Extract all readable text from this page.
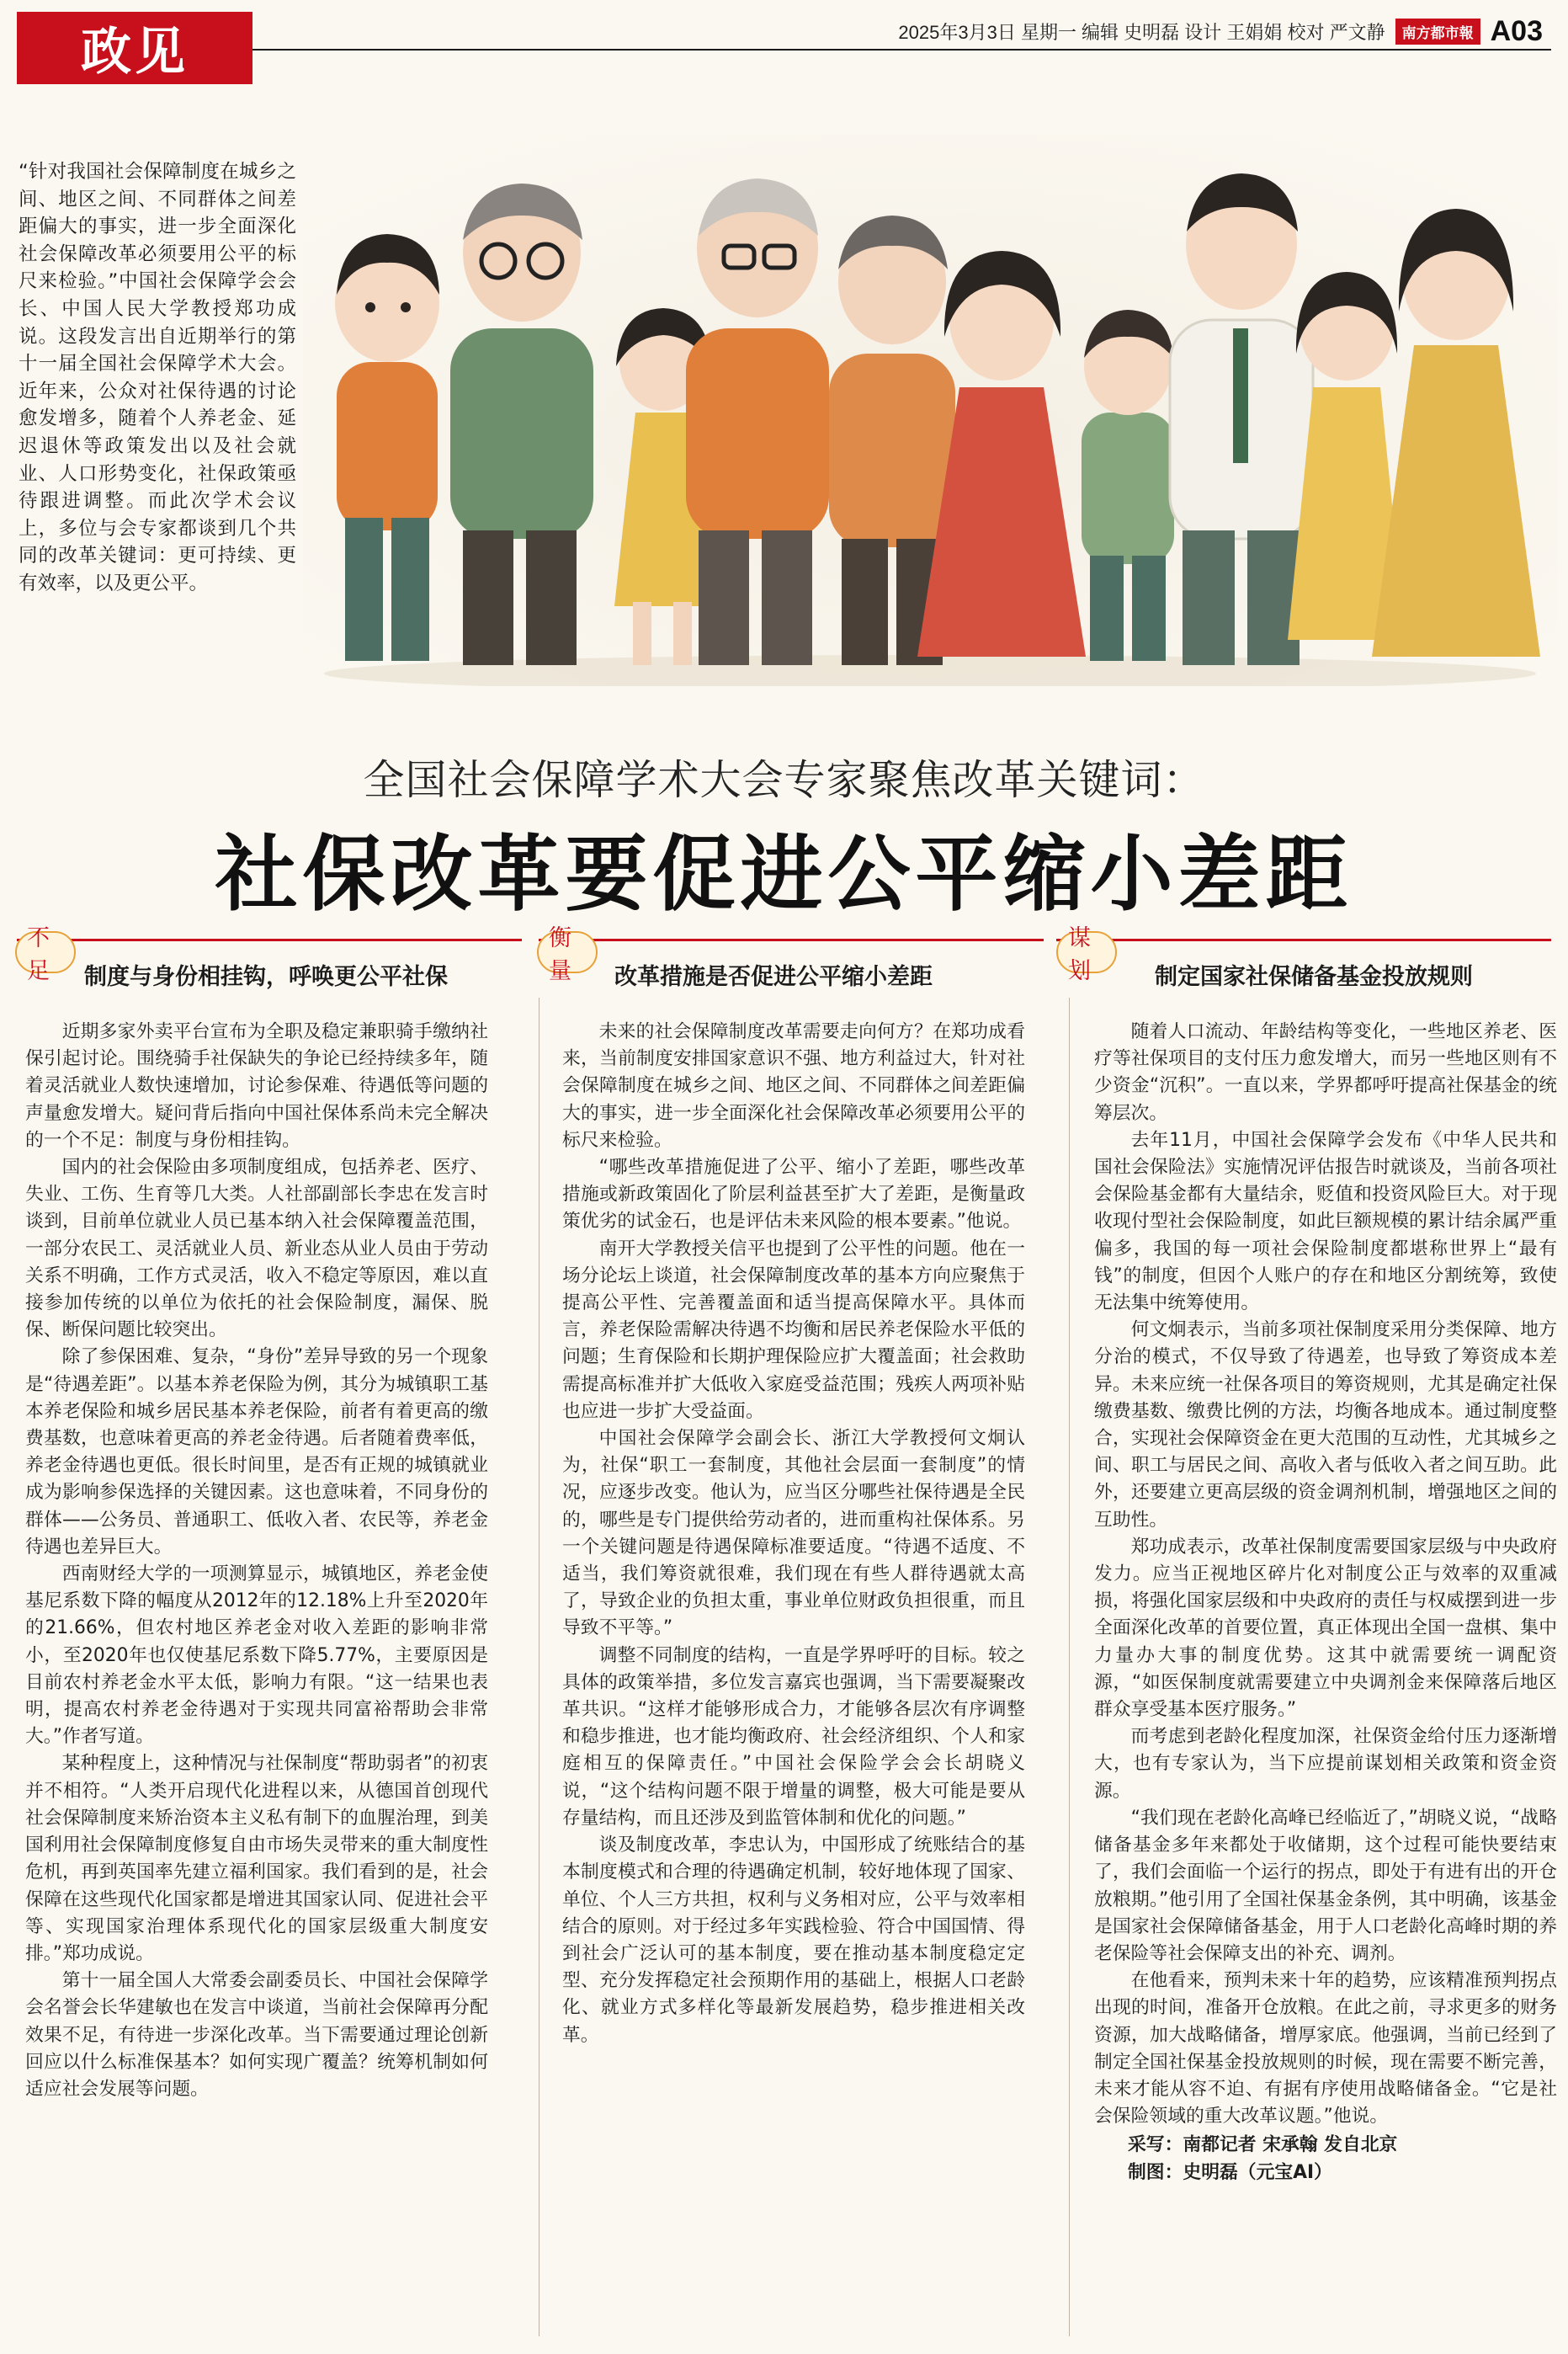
政见	2025年3月3日 星期一 编辑 史明磊 设计 王娟娟 校对 严文静	南方都市報 A03
“针对我国社会保障制度在城乡之间、地区之间、不同群体之间差距偏大的事实，进一步全面深化社会保障改革必须要用公平的标尺来检验。”中国社会保障学会会长、中国人民大学教授郑功成说。这段发言出自近期举行的第十一届全国社会保障学术大会。近年来，公众对社保待遇的讨论愈发增多，随着个人养老金、延迟退休等政策发出以及社会就业、人口形势变化，社保政策亟待跟进调整。而此次学术会议上，多位与会专家都谈到几个共同的改革关键词：更可持续、更有效率，以及更公平。
全国社会保障学术大会专家聚焦改革关键词：
社保改革要促进公平缩小差距
不足	制度与身份相挂钩，呼唤更公平社保
衡量	改革措施是否促进公平缩小差距
谋划	制定国家社保储备基金投放规则

近期多家外卖平台宣布为全职及稳定兼职骑手缴纳社保引起讨论。围绕骑手社保缺失的争论已经持续多年，随着灵活就业人数快速增加，讨论参保难、待遇低等问题的声量愈发增大。疑问背后指向中国社保体系尚未完全解决的一个不足：制度与身份相挂钩。

国内的社会保险由多项制度组成，包括养老、医疗、失业、工伤、生育等几大类。人社部副部长李忠在发言时谈到，目前单位就业人员已基本纳入社会保障覆盖范围，一部分农民工、灵活就业人员、新业态从业人员由于劳动关系不明确，工作方式灵活，收入不稳定等原因，难以直接参加传统的以单位为依托的社会保险制度，漏保、脱保、断保问题比较突出。

除了参保困难、复杂，“身份”差异导致的另一个现象是“待遇差距”。以基本养老保险为例，其分为城镇职工基本养老保险和城乡居民基本养老保险，前者有着更高的缴费基数，也意味着更高的养老金待遇。后者随着费率低，养老金待遇也更低。很长时间里，是否有正规的城镇就业成为影响参保选择的关键因素。这也意味着，不同身份的群体——公务员、普通职工、低收入者、农民等，养老金待遇也差异巨大。

西南财经大学的一项测算显示，城镇地区，养老金使基尼系数下降的幅度从2012年的12.18%上升至2020年的21.66%，但农村地区养老金对收入差距的影响非常小，至2020年也仅使基尼系数下降5.77%，主要原因是目前农村养老金水平太低，影响力有限。“这一结果也表明，提高农村养老金待遇对于实现共同富裕帮助会非常大。”作者写道。

某种程度上，这种情况与社保制度“帮助弱者”的初衷并不相符。“人类开启现代化进程以来，从德国首创现代社会保障制度来矫治资本主义私有制下的血腥治理，到美国利用社会保障制度修复自由市场失灵带来的重大制度性危机，再到英国率先建立福利国家。我们看到的是，社会保障在这些现代化国家都是增进其国家认同、促进社会平等、实现国家治理体系现代化的国家层级重大制度安排。”郑功成说。

第十一届全国人大常委会副委员长、中国社会保障学会名誉会长华建敏也在发言中谈道，当前社会保障再分配效果不足，有待进一步深化改革。当下需要通过理论创新回应以什么标准保基本？如何实现广覆盖？统筹机制如何适应社会发展等问题。

未来的社会保障制度改革需要走向何方？在郑功成看来，当前制度安排国家意识不强、地方利益过大，针对社会保障制度在城乡之间、地区之间、不同群体之间差距偏大的事实，进一步全面深化社会保障改革必须要用公平的标尺来检验。

“哪些改革措施促进了公平、缩小了差距，哪些改革措施或新政策固化了阶层利益甚至扩大了差距，是衡量政策优劣的试金石，也是评估未来风险的根本要素。”他说。

南开大学教授关信平也提到了公平性的问题。他在一场分论坛上谈道，社会保障制度改革的基本方向应聚焦于提高公平性、完善覆盖面和适当提高保障水平。具体而言，养老保险需解决待遇不均衡和居民养老保险水平低的问题；生育保险和长期护理保险应扩大覆盖面；社会救助需提高标准并扩大低收入家庭受益范围；残疾人两项补贴也应进一步扩大受益面。

中国社会保障学会副会长、浙江大学教授何文炯认为，社保“职工一套制度，其他社会层面一套制度”的情况，应逐步改变。他认为，应当区分哪些社保待遇是全民的，哪些是专门提供给劳动者的，进而重构社保体系。另一个关键问题是待遇保障标准要适度。“待遇不适度、不适当，我们筹资就很难，我们现在有些人群待遇就太高了，导致企业的负担太重，事业单位财政负担很重，而且导致不平等。”

调整不同制度的结构，一直是学界呼吁的目标。较之具体的政策举措，多位发言嘉宾也强调，当下需要凝聚改革共识。“这样才能够形成合力，才能够各层次有序调整和稳步推进，也才能均衡政府、社会经济组织、个人和家庭相互的保障责任。”中国社会保险学会会长胡晓义说，“这个结构问题不限于增量的调整，极大可能是要从存量结构，而且还涉及到监管体制和优化的问题。”

谈及制度改革，李忠认为，中国形成了统账结合的基本制度模式和合理的待遇确定机制，较好地体现了国家、单位、个人三方共担，权利与义务相对应，公平与效率相结合的原则。对于经过多年实践检验、符合中国国情、得到社会广泛认可的基本制度，要在推动基本制度稳定定型、充分发挥稳定社会预期作用的基础上，根据人口老龄化、就业方式多样化等最新发展趋势，稳步推进相关改革。

随着人口流动、年龄结构等变化，一些地区养老、医疗等社保项目的支付压力愈发增大，而另一些地区则有不少资金“沉积”。一直以来，学界都呼吁提高社保基金的统筹层次。

去年11月，中国社会保障学会发布《中华人民共和国社会保险法》实施情况评估报告时就谈及，当前各项社会保险基金都有大量结余，贬值和投资风险巨大。对于现收现付型社会保险制度，如此巨额规模的累计结余属严重偏多，我国的每一项社会保险制度都堪称世界上“最有钱”的制度，但因个人账户的存在和地区分割统筹，致使无法集中统筹使用。

何文炯表示，当前多项社保制度采用分类保障、地方分治的模式，不仅导致了待遇差，也导致了筹资成本差异。未来应统一社保各项目的筹资规则，尤其是确定社保缴费基数、缴费比例的方法，均衡各地成本。通过制度整合，实现社会保障资金在更大范围的互动性，尤其城乡之间、职工与居民之间、高收入者与低收入者之间互助。此外，还要建立更高层级的资金调剂机制，增强地区之间的互助性。

郑功成表示，改革社保制度需要国家层级与中央政府发力。应当正视地区碎片化对制度公正与效率的双重减损，将强化国家层级和中央政府的责任与权威摆到进一步全面深化改革的首要位置，真正体现出全国一盘棋、集中力量办大事的制度优势。这其中就需要统一调配资源，“如医保制度就需要建立中央调剂金来保障落后地区群众享受基本医疗服务。”

而考虑到老龄化程度加深，社保资金给付压力逐渐增大，也有专家认为，当下应提前谋划相关政策和资金资源。

“我们现在老龄化高峰已经临近了，”胡晓义说，“战略储备基金多年来都处于收储期，这个过程可能快要结束了，我们会面临一个运行的拐点，即处于有进有出的开仓放粮期。”他引用了全国社保基金条例，其中明确，该基金是国家社会保障储备基金，用于人口老龄化高峰时期的养老保险等社会保障支出的补充、调剂。

在他看来，预判未来十年的趋势，应该精准预判拐点出现的时间，准备开仓放粮。在此之前，寻求更多的财务资源，加大战略储备，增厚家底。他强调，当前已经到了制定全国社保基金投放规则的时候，现在需要不断完善，未来才能从容不迫、有据有序使用战略储备金。“它是社会保险领域的重大改革议题。”他说。

采写：南都记者 宋承翰 发自北京
制图：史明磊（元宝AI）
